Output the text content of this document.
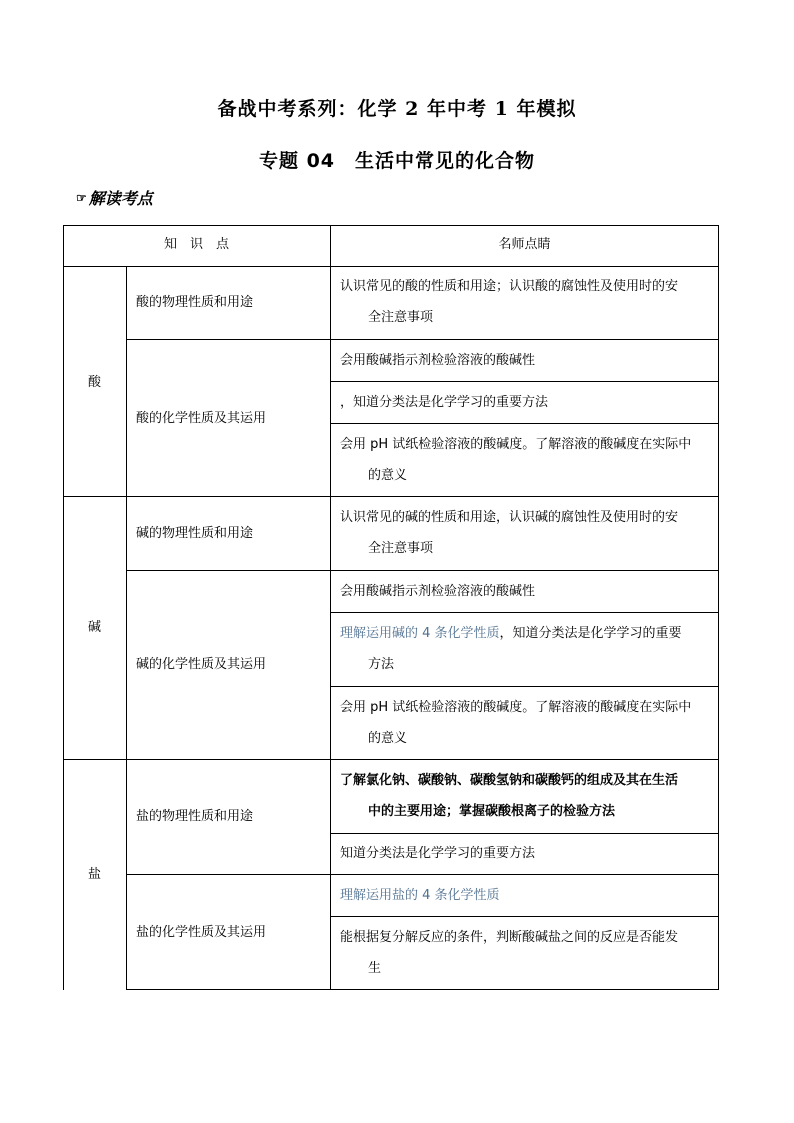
备战中考系列：化学 2 年中考 1 年模拟
专题 04　生活中常见的化合物
☞ 解读考点
知　识　点	名师点睛
酸
酸的物理性质和用途
酸的化学性质及其运用
认识常见的酸的性质和用途；认识酸的腐蚀性及使用时的安
全注意事项
会用酸碱指示剂检验溶液的酸碱性
，知道分类法是化学学习的重要方法
会用 pH 试纸检验溶液的酸碱度。了解溶液的酸碱度在实际中
的意义
碱
碱的物理性质和用途
碱的化学性质及其运用
认识常见的碱的性质和用途，认识碱的腐蚀性及使用时的安
全注意事项
会用酸碱指示剂检验溶液的酸碱性
理解运用碱的 4 条化学性质，知道分类法是化学学习的重要
方法
会用 pH 试纸检验溶液的酸碱度。了解溶液的酸碱度在实际中
的意义
盐
盐的物理性质和用途
盐的化学性质及其运用
了解氯化钠、碳酸钠、碳酸氢钠和碳酸钙的组成及其在生活
中的主要用途；掌握碳酸根离子的检验方法
知道分类法是化学学习的重要方法
理解运用盐的 4 条化学性质
能根据复分解反应的条件，判断酸碱盐之间的反应是否能发
生
